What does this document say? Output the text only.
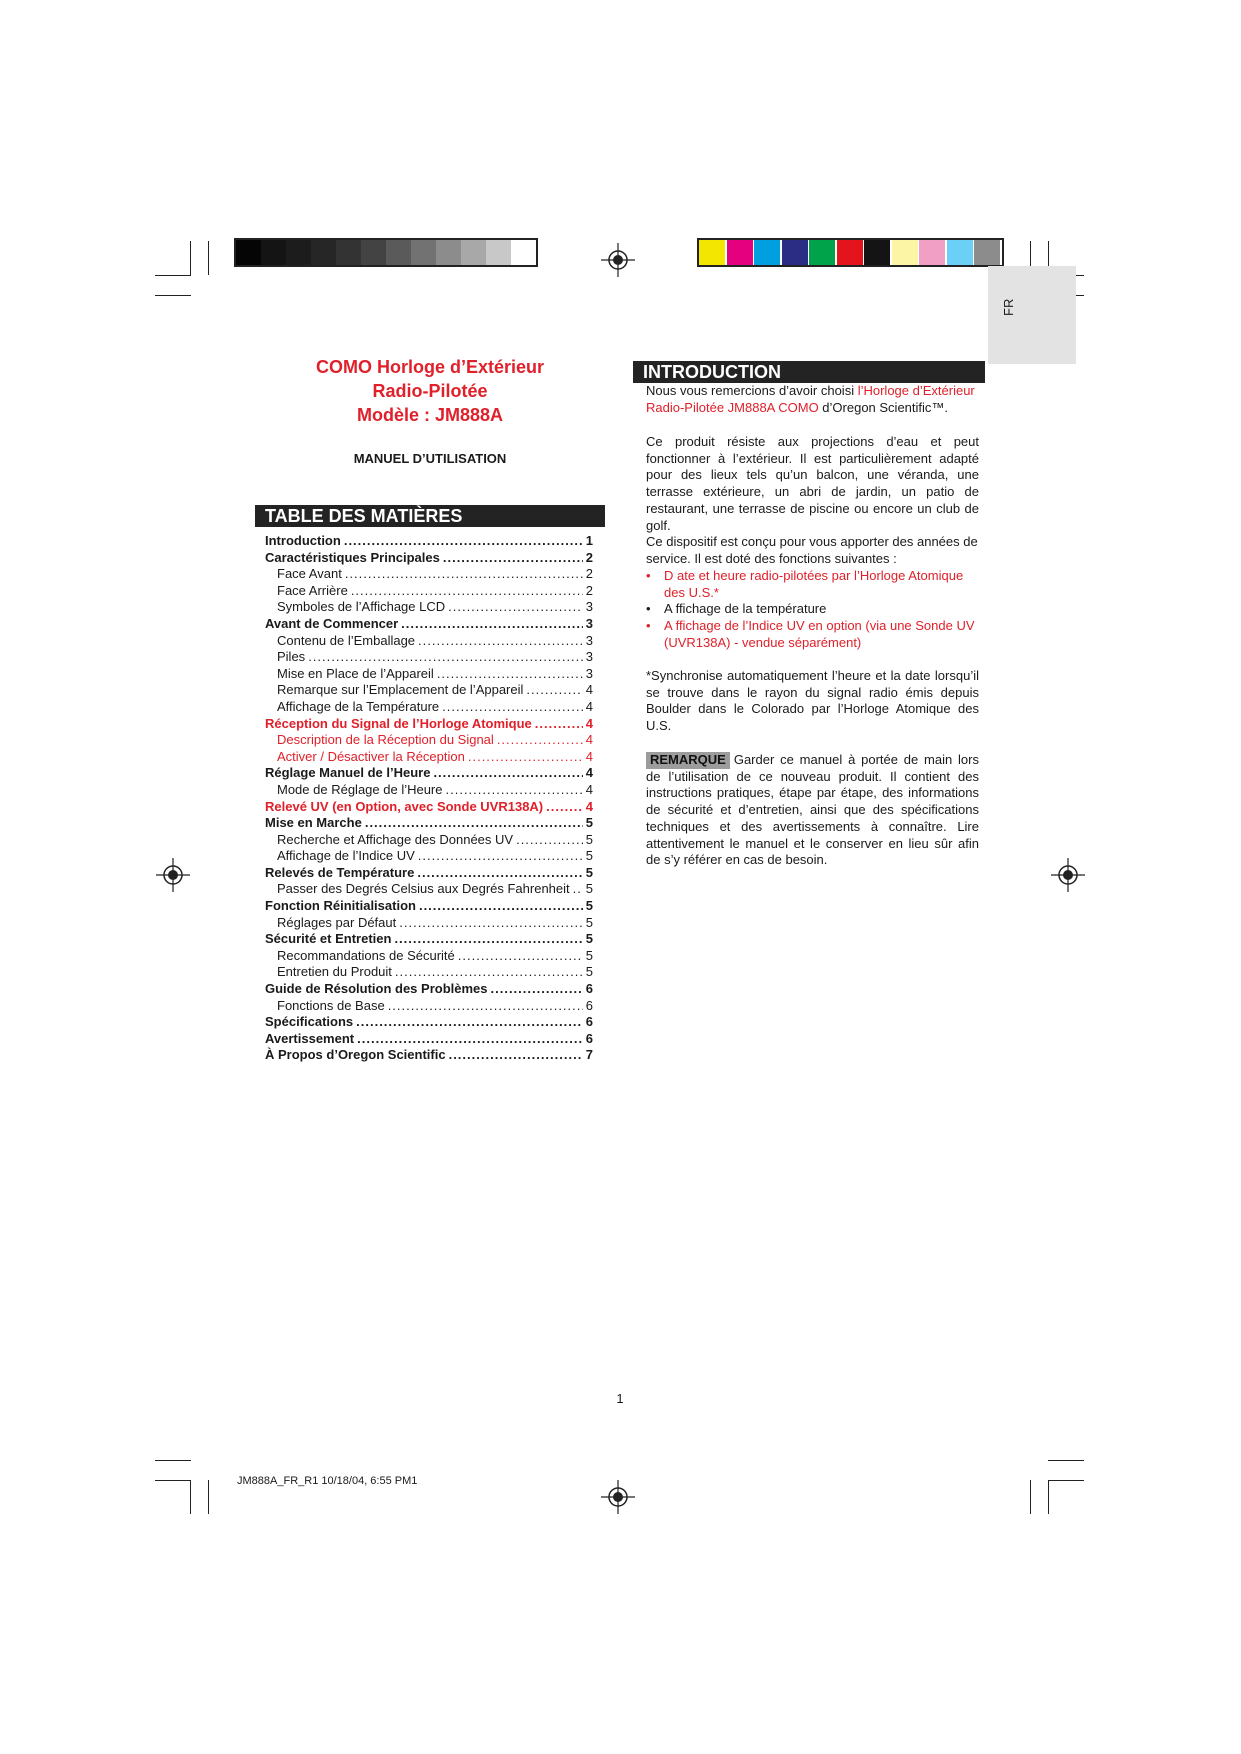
FR
COMO Horloge d’Extérieur
Radio-Pilotée
Modèle : JM888A
MANUEL D’UTILISATION
TABLE DES MATIÈRES
Introduction .....	1
Caractéristiques Principales .....	2
Face Avant .....	2
Face Arrière .....	2
Symboles de l’Affichage LCD .....	3
Avant de Commencer .....	3
Contenu de l’Emballage .....	3
Piles .....	3
Mise en Place de l’Appareil .....	3
Remarque sur l’Emplacement de l’Appareil .....	4
Affichage de la Température .....	4
Réception du Signal de l’Horloge Atomique .....	4
Description de la Réception du Signal .....	4
Activer / Désactiver la Réception .....	4
Réglage Manuel de l’Heure .....	4
Mode de Réglage de l’Heure .....	4
Relevé UV (en Option, avec Sonde UVR138A) .....	4
Mise en Marche .....	5
Recherche et Affichage des Données UV .....	5
Affichage de l’Indice UV .....	5
Relevés de Température .....	5
Passer des Degrés Celsius aux Degrés Fahrenheit ..... 5
Fonction Réinitialisation .....	5
Réglages par Défaut .....	5
Sécurité et Entretien .....	5
Recommandations de Sécurité .....	5
Entretien du Produit .....	5
Guide de Résolution des Problèmes .....	6
Fonctions de Base .....	6
Spécifications .....	6
Avertissement .....	6
À Propos d’Oregon Scientific .....	7
INTRODUCTION
Nous vous remercions d’avoir choisi l’Horloge d’Extérieur Radio-Pilotée JM888A COMO d’Oregon Scientific™.
Ce produit résiste aux projections d’eau et peut fonctionner à l’extérieur. Il est particulièrement adapté pour des lieux tels qu’un balcon, une véranda, une terrasse extérieure, un abri de jardin, un patio de restaurant, une terrasse de piscine ou encore un club de golf.
Ce dispositif est conçu pour vous apporter des années de service. Il est doté des fonctions suivantes :
• D ate et heure radio-pilotées par l’Horloge Atomique des U.S.*
• A ffichage de la température
• A ffichage de l’Indice UV en option (via une Sonde UV (UVR138A) - vendue séparément)
*Synchronise automatiquement l’heure et la date lorsqu’il se trouve dans le rayon du signal radio émis depuis Boulder dans le Colorado par l’Horloge Atomique des U.S.
REMARQUE Garder ce manuel à portée de main lors de l’utilisation de ce nouveau produit. Il contient des instructions pratiques, étape par étape, des informations de sécurité et d’entretien, ainsi que des spécifications techniques et des avertissements à connaître. Lire attentivement le manuel et le conserver en lieu sûr afin de s’y référer en cas de besoin.
1
JM888A_FR_R1 10/18/04, 6:55 PM1
